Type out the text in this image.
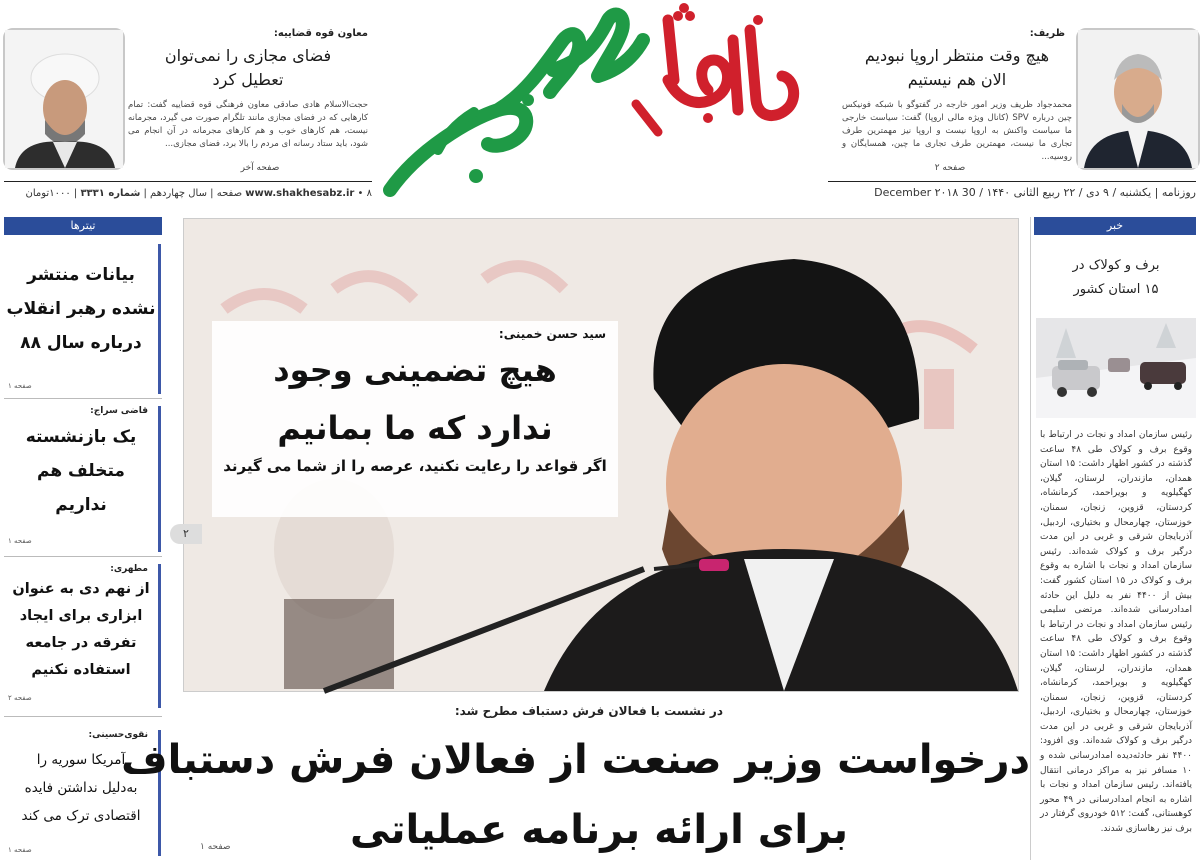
معاون قوه قضاییه:
فضای مجازی را نمی‌توان
تعطیل کرد
حجت‌الاسلام هادی صادقی معاون فرهنگی قوه قضاییه گفت: تمام کارهایی که در فضای مجازی مانند تلگرام صورت می گیرد، مجرمانه نیست، هم کارهای خوب و هم کارهای مجرمانه در آن انجام می شود، باید ستاد رسانه ای مردم را بالا برد، فضای مجازی...
صفحه آخر
ظریف:
هیچ وقت منتظر اروپا نبودیم
الان هم نیستیم
محمدجواد ظریف وزیر امور خارجه در گفتوگو با شبکه فونیکس چین درباره SPV (کانال ویژه مالی اروپا) گفت: سیاست خارجی ما سیاست واکنش به اروپا نیست و اروپا نیز مهمترین طرف تجاری ما نیست، مهمترین طرف تجاری ما چین، همسایگان و روسیه...
صفحه ۲
www.shakhesabz.ir • ۸ صفحه | سال چهاردهم | شماره ۳۳۳۱ | ۱۰۰۰تومان	روزنامه | یکشنبه / ۹ دی / ۲۲ ربیع الثانی ۱۴۴۰ / 30 December ۲۰۱۸
تیترها
بیانات منتشر
نشده رهبر انقلاب
درباره سال ۸۸
صفحه ۱
قاضی سراج:
یک بازنشسته
متخلف هم
نداریم
صفحه ۱
مطهری:
از نهم دی به عنوان
ابزاری برای ایجاد
تفرقه در جامعه
استفاده نکنیم
صفحه ۲
نقوی‌حسینی:
آمریکا سوریه را
به‌دلیل نداشتن فایده
اقتصادی ترک می کند
صفحه ۱
سید حسن خمینی:
هیچ تضمینی وجود
ندارد که ما بمانیم
اگر قواعد را رعایت نکنید، عرصه را از شما می گیرند
۲
در نشست با فعالان فرش دستباف مطرح شد:
درخواست وزیر صنعت از فعالان فرش دستباف
برای ارائه برنامه عملیاتی
صفحه ۱
خبر
برف و کولاک در
۱۵ استان کشور
رئیس سازمان امداد و نجات در ارتباط با وقوع برف و کولاک طی ۴۸ ساعت گذشته در کشور اظهار داشت: ۱۵ استان همدان، مازندران، لرستان، گیلان، کهگیلویه و بویراحمد، کرمانشاه، کردستان، قزوین، زنجان، سمنان، خوزستان، چهارمحال و بختیاری، اردبیل، آذربایجان شرقی و غربی در این مدت درگیر برف و کولاک شده‌اند. رئیس سازمان امداد و نجات با اشاره به وقوع برف و کولاک در ۱۵ استان کشور گفت: بیش از ۴۴۰۰ نفر به دلیل این حادثه امدادرسانی شده‌اند. مرتضی سلیمی رئیس سازمان امداد و نجات در ارتباط با وقوع برف و کولاک طی ۴۸ ساعت گذشته در کشور اظهار داشت: ۱۵ استان همدان، مازندران، لرستان، گیلان، کهگیلویه و بویراحمد، کرمانشاه، کردستان، قزوین، زنجان، سمنان، خوزستان، چهارمحال و بختیاری، اردبیل، آذربایجان شرقی و غربی در این مدت درگیر برف و کولاک شده‌اند. وی افزود: ۴۴۰۰ نفر حادثه‌دیده امدادرسانی شده و ۱۰ مسافر نیز به مراکز درمانی انتقال یافته‌اند. رئیس سازمان امداد و نجات با اشاره به انجام امدادرسانی در ۴۹ محور کوهستانی، گفت: ۵۱۲ خودروی گرفتار در برف نیز رهاسازی شدند.
